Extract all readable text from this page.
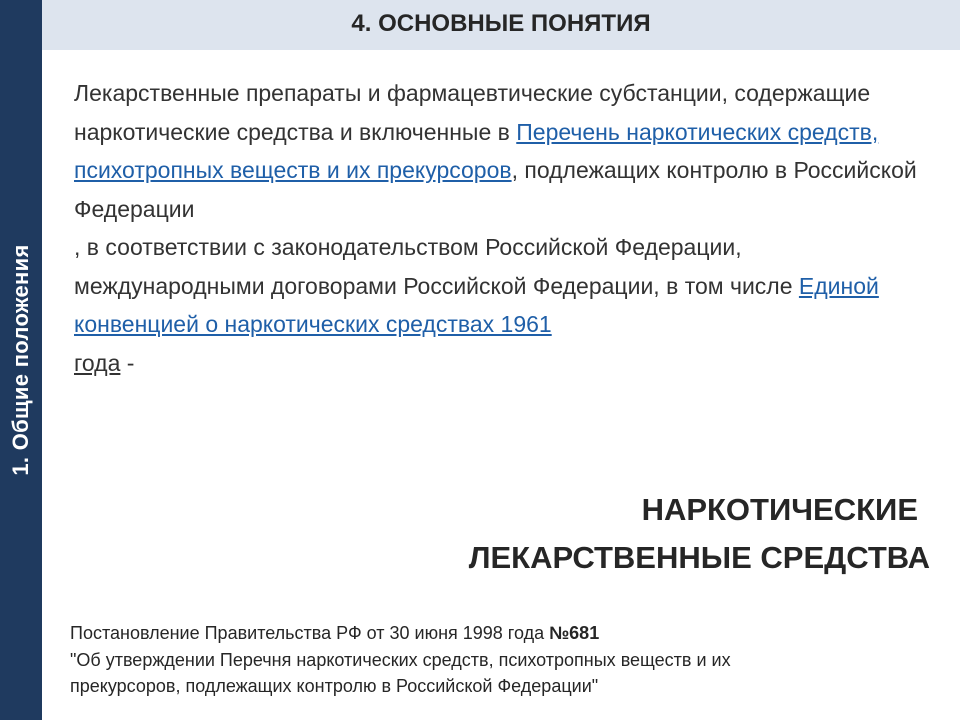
1. Общие положения
4. ОСНОВНЫЕ ПОНЯТИЯ
Лекарственные препараты и фармацевтические субстанции, содержащие наркотические средства и включенные в Перечень наркотических средств, психотропных веществ и их прекурсоров, подлежащих контролю в Российской Федерации
, в соответствии с законодательством Российской Федерации, международными договорами Российской Федерации, в том числе Единой конвенцией о наркотических средствах 1961
года -
НАРКОТИЧЕСКИЕ
ЛЕКАРСТВЕННЫЕ СРЕДСТВА
Постановление Правительства РФ от 30 июня 1998 года №681
"Об утверждении Перечня наркотических средств, психотропных веществ и их
прекурсоров, подлежащих контролю в Российской Федерации"
